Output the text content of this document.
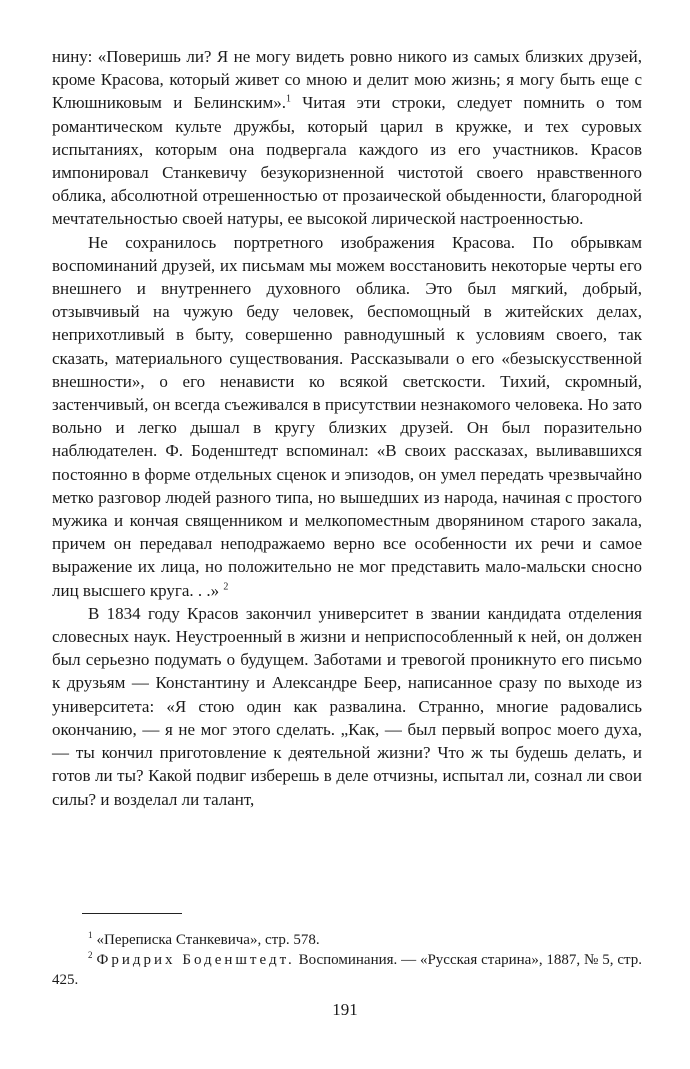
нину: «Поверишь ли? Я не могу видеть ровно никого из самых близких друзей, кроме Красова, который живет со мною и делит мою жизнь; я могу быть еще с Клюшниковым и Белинским».$^1$ Читая эти строки, следует помнить о том романтическом культе дружбы, который царил в кружке, и тех суровых испытаниях, которым она подвергала каждого из его участников. Красов импонировал Станкевичу безукоризненной чистотой своего нравственного облика, абсолютной отрешенностью от прозаической обыденности, благородной мечтательностью своей натуры, ее высокой лирической настроенностью.

Не сохранилось портретного изображения Красова. По обрывкам воспоминаний друзей, их письмам мы можем восстановить некоторые черты его внешнего и внутреннего духовного облика. Это был мягкий, добрый, отзывчивый на чужую беду человек, беспомощный в житейских делах, неприхотливый в быту, совершенно равнодушный к условиям своего, так сказать, материального существования. Рассказывали о его «безыскусственной внешности», о его ненависти ко всякой светскости. Тихий, скромный, застенчивый, он всегда съеживался в присутствии незнакомого человека. Но зато вольно и легко дышал в кругу близких друзей. Он был поразительно наблюдателен. Ф. Боденштедт вспоминал: «В своих рассказах, выливавшихся постоянно в форме отдельных сценок и эпизодов, он умел передать чрезвычайно метко разговор людей разного типа, но вышедших из народа, начиная с простого мужика и кончая священником и мелкопоместным дворянином старого закала, причем он передавал неподражаемо верно все особенности их речи и самое выражение их лица, но положительно не мог представить мало-мальски сносно лиц высшего круга. . .» $^2$

В 1834 году Красов закончил университет в звании кандидата отделения словесных наук. Неустроенный в жизни и неприспособленный к ней, он должен был серьезно подумать о будущем. Заботами и тревогой проникнуто его письмо к друзьям — Константину и Александре Беер, написанное сразу по выходе из университета: «Я стою один как развалина. Странно, многие радовались окончанию, — я не мог этого сделать. „Как, — был первый вопрос моего духа, — ты кончил приготовление к деятельной жизни? Что ж ты будешь делать, и готов ли ты? Какой подвиг изберешь в деле отчизны, испытал ли, сознал ли свои силы? и возделал ли талант,

$^1$ «Переписка Станкевича», стр. 578.

$^2$ Фридрих Боденштедт. Воспоминания. — «Русская старина», 1887, № 5, стр. 425.

191
